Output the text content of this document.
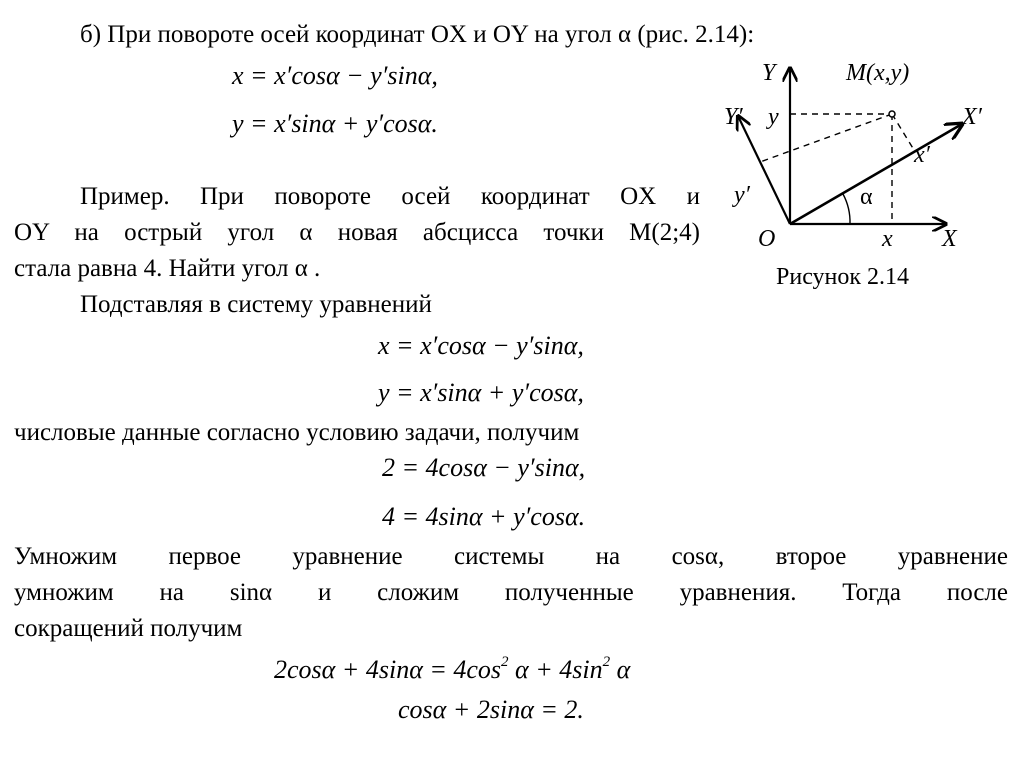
б) При повороте осей координат OX и OY на угол α (рис. 2.14):
x = x′cosα − y′sinα,
y = x′sinα + y′cosα.
Пример. При повороте осей координат OX и
OY на острый угол α новая абсцисса точки M(2;4)
стала равна 4. Найти угол α .
Подставляя в систему уравнений
x = x′cosα − y′sinα,
y = x′sinα + y′cosα,
числовые данные согласно условию задачи, получим
2 = 4cosα − y′sinα,
4 = 4sinα + y′cosα.
Умножим первое уравнение системы на cosα, второе уравнение
умножим на sinα и сложим полученные уравнения. Тогда после
сокращений получим
$2\cos\alpha + 4\sin\alpha = 4\cos^2$ $\alpha + 4\sin^2$ α
cosα + 2sinα = 2.
Y	M(x,y)
Y′ y	X′
x′
y′	α
O	x X
Рисунок 2.14
